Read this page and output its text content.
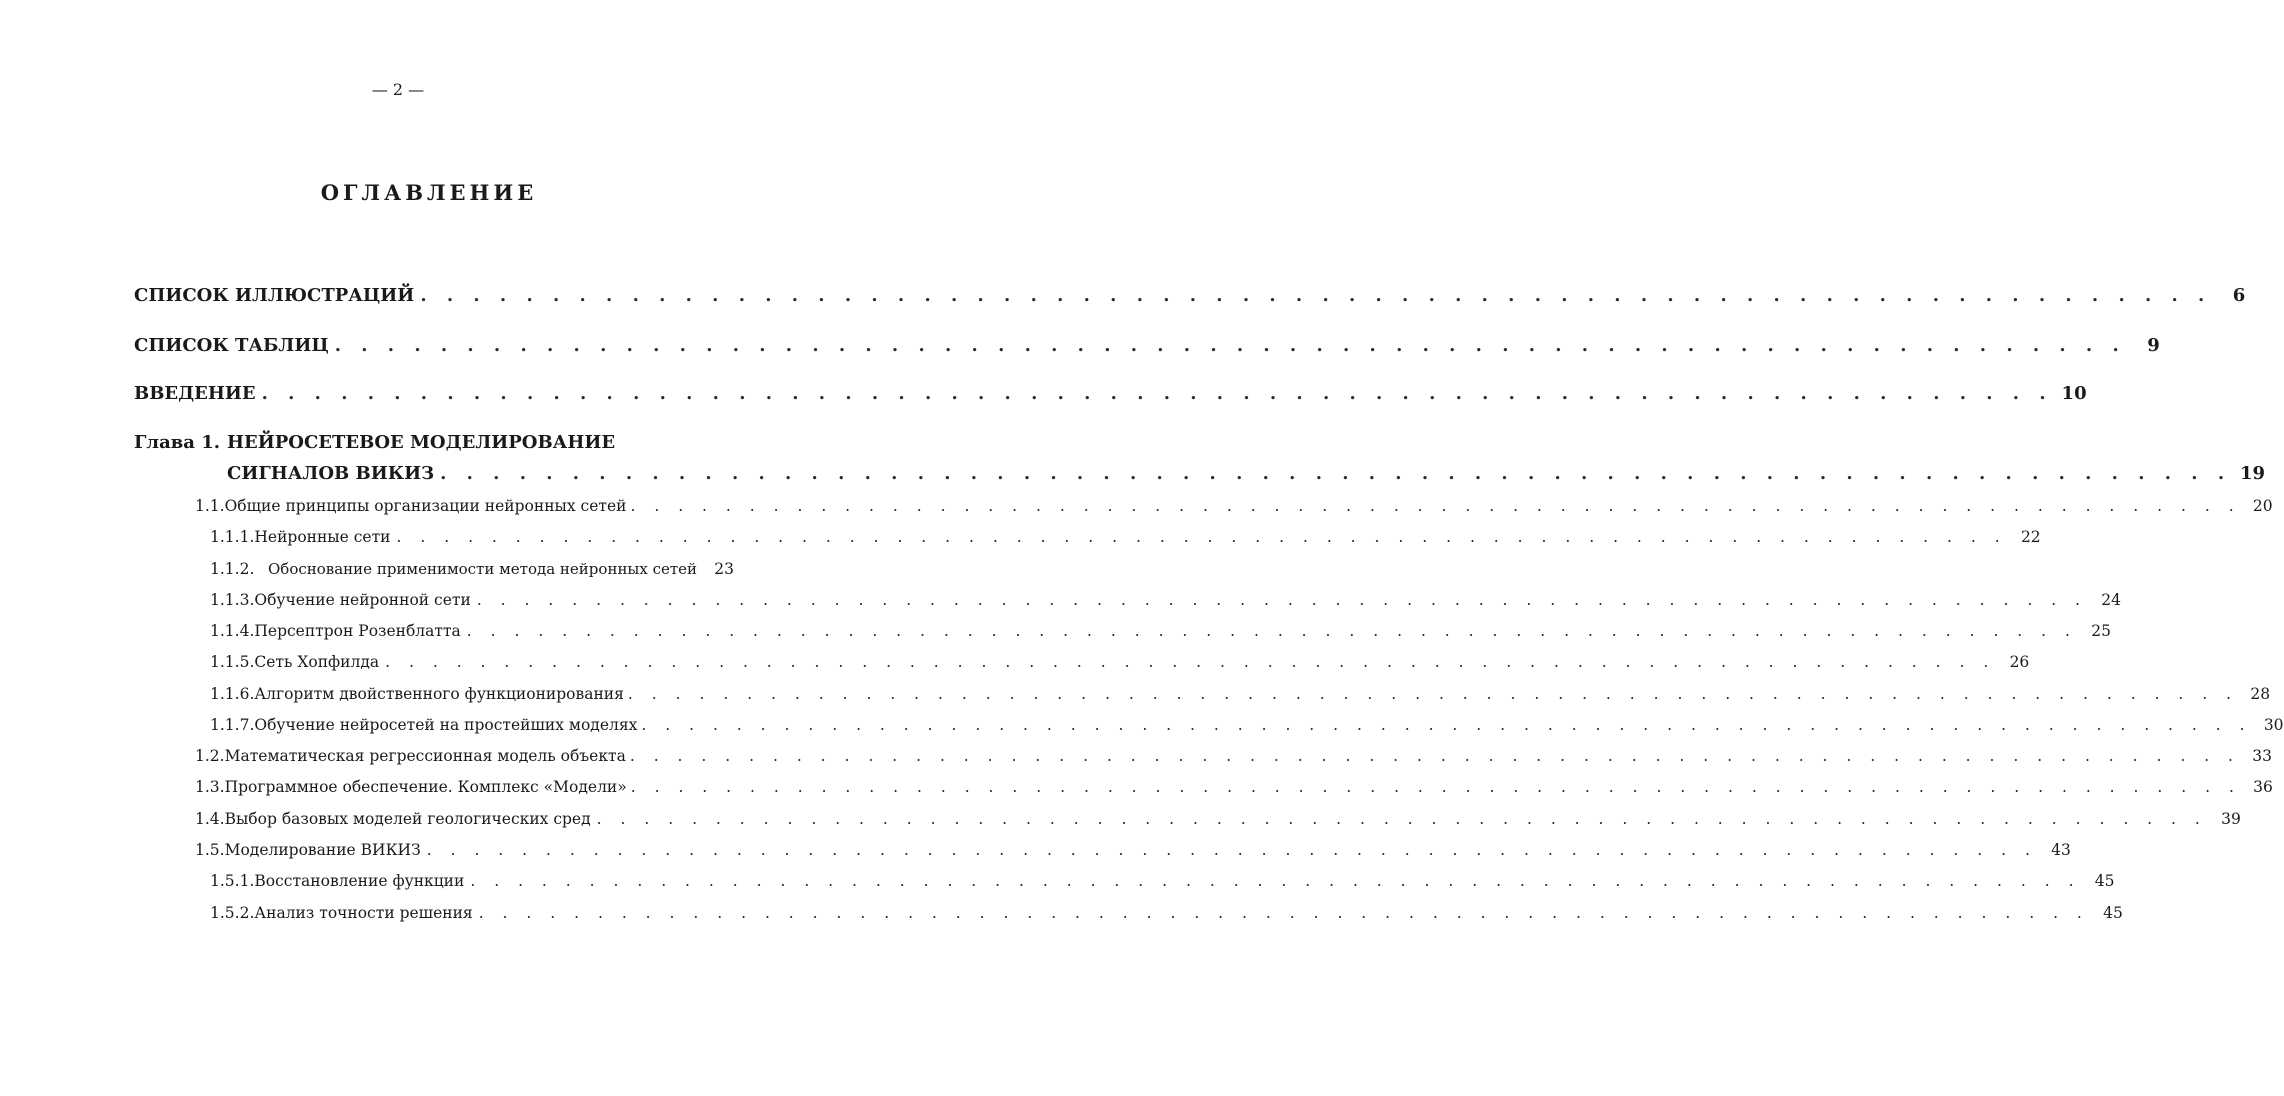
— 2 —
ОГЛАВЛЕНИЕ
СПИСОК ИЛЛЮСТРАЦИЙ . . . . . . . . . . . . . . . . . . . . . . . . . . . . . . . . . . . . . . . . . . . . . . . . . . . . . . . . . . . . . . . . . . . .	6
СПИСОК ТАБЛИЦ . . . . . . . . . . . . . . . . . . . . . . . . . . . . . . . . . . . . . . . . . . . . . . . . . . . . . . . . . . . . . . . . . . . .	9
ВВЕДЕНИЕ . . . . . . . . . . . . . . . . . . . . . . . . . . . . . . . . . . . . . . . . . . . . . . . . . . . . . . . . . . . . . . . . . . . . 10
Глава 1. НЕЙРОСЕТЕВОЕ МОДЕЛИРОВАНИЕ
СИГНАЛОВ ВИКИЗ . . . . . . . . . . . . . . . . . . . . . . . . . . . . . . . . . . . . . . . . . . . . . . . . . . . . . . . . . . . . . . . . . . . . 19
1.1. Общие принципы организации нейронных сетей . . . . . . . . . . . . . . . . . . . . . . . . . . . . . . . . . . . . . . . . . . . . . . . . . . . . . . . . . . . . . . . . . . . . 20
1.1.1. Нейронные сети . . . . . . . . . . . . . . . . . . . . . . . . . . . . . . . . . . . . . . . . . . . . . . . . . . . . . . . . . . . . . . . . . . . . 22
1.1.2. Обоснование применимости метода нейронных сетей	23
1.1.3. Обучение нейронной сети . . . . . . . . . . . . . . . . . . . . . . . . . . . . . . . . . . . . . . . . . . . . . . . . . . . . . . . . . . . . . . . . . . . . 24
1.1.4. Персептрон Розенблатта . . . . . . . . . . . . . . . . . . . . . . . . . . . . . . . . . . . . . . . . . . . . . . . . . . . . . . . . . . . . . . . . . . . . 25
1.1.5. Сеть Хопфилда . . . . . . . . . . . . . . . . . . . . . . . . . . . . . . . . . . . . . . . . . . . . . . . . . . . . . . . . . . . . . . . . . . . . 26
1.1.6. Алгоритм двойственного функционирования . . . . . . . . . . . . . . . . . . . . . . . . . . . . . . . . . . . . . . . . . . . . . . . . . . . . . . . . . . . . . . . . . . . . 28
1.1.7. Обучение нейросетей на простейших моделях . . . . . . . . . . . . . . . . . . . . . . . . . . . . . . . . . . . . . . . . . . . . . . . . . . . . . . . . . . . . . . . . . . . . 30
1.2. Математическая регрессионная модель объекта . . . . . . . . . . . . . . . . . . . . . . . . . . . . . . . . . . . . . . . . . . . . . . . . . . . . . . . . . . . . . . . . . . . . 33
1.3. Программное обеспечение. Комплекс «Модели» . . . . . . . . . . . . . . . . . . . . . . . . . . . . . . . . . . . . . . . . . . . . . . . . . . . . . . . . . . . . . . . . . . . . 36
1.4. Выбор базовых моделей геологических сред . . . . . . . . . . . . . . . . . . . . . . . . . . . . . . . . . . . . . . . . . . . . . . . . . . . . . . . . . . . . . . . . . . . . 39
1.5. Моделирование ВИКИЗ . . . . . . . . . . . . . . . . . . . . . . . . . . . . . . . . . . . . . . . . . . . . . . . . . . . . . . . . . . . . . . . . . . . . 43
1.5.1. Восстановление функции . . . . . . . . . . . . . . . . . . . . . . . . . . . . . . . . . . . . . . . . . . . . . . . . . . . . . . . . . . . . . . . . . . . . 45
1.5.2. Анализ точности решения . . . . . . . . . . . . . . . . . . . . . . . . . . . . . . . . . . . . . . . . . . . . . . . . . . . . . . . . . . . . . . . . . . . . 45
